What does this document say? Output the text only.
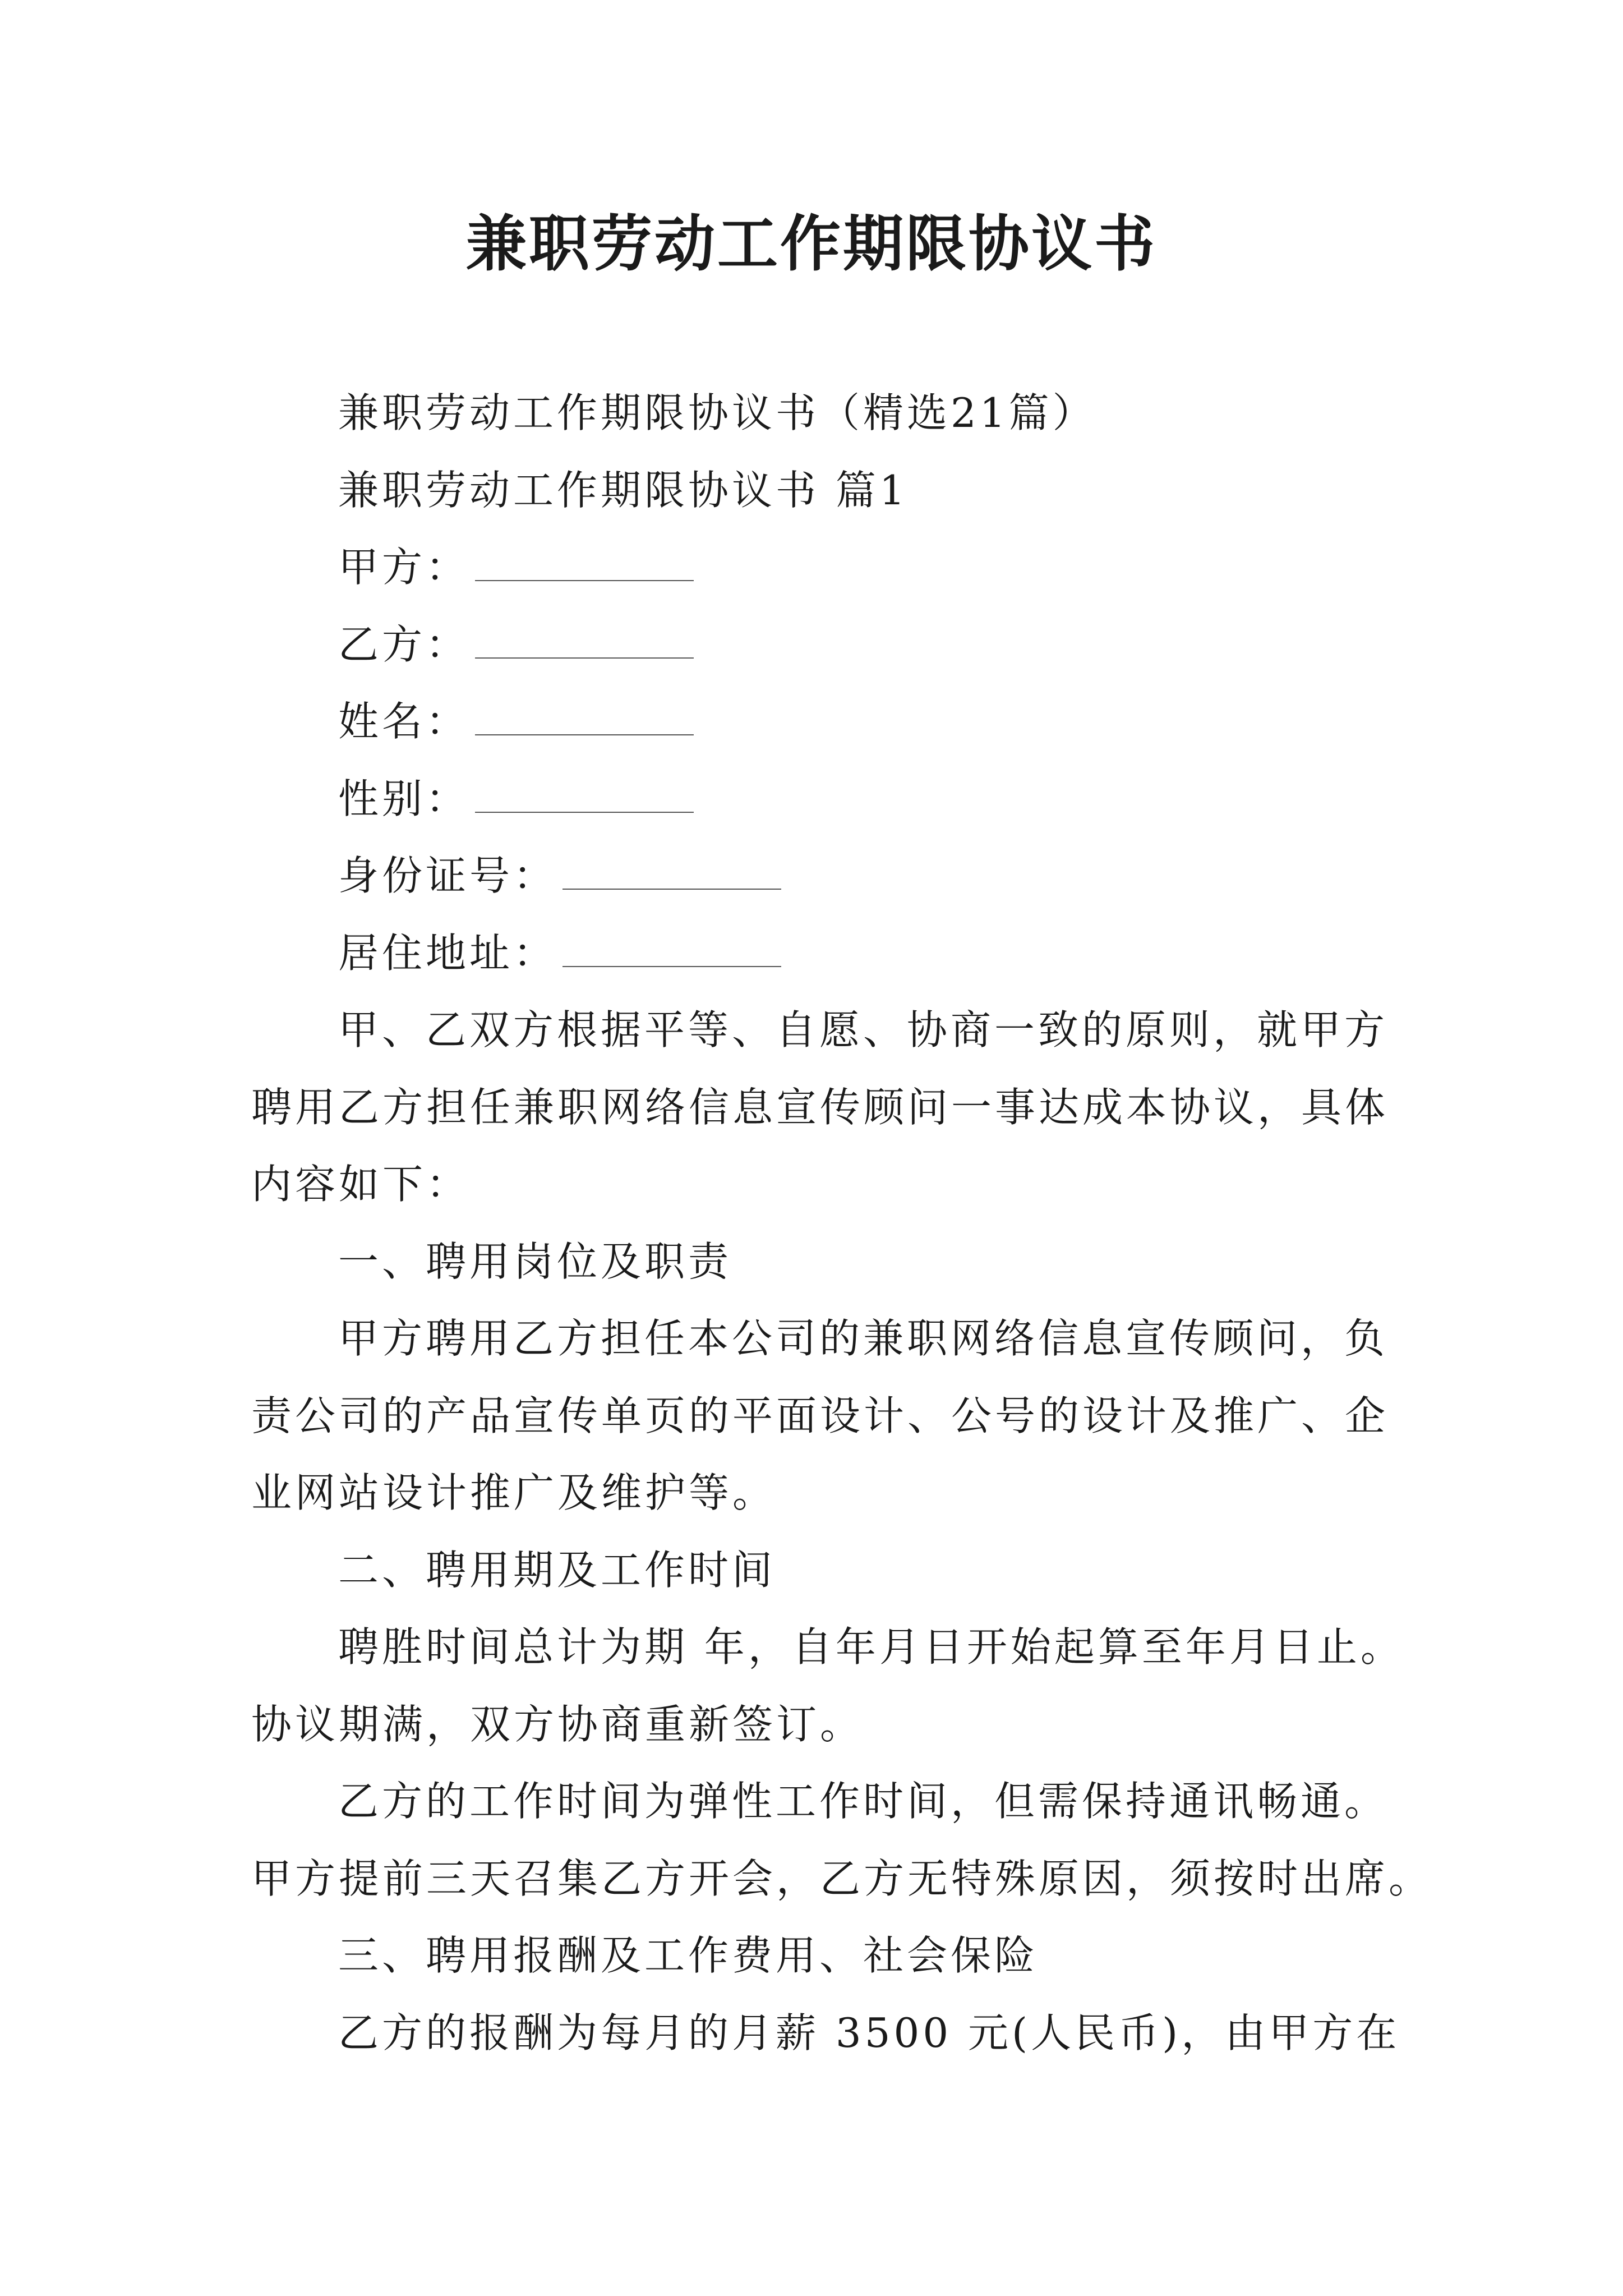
兼职劳动工作期限协议书
兼职劳动工作期限协议书（精选21篇）
兼职劳动工作期限协议书 篇1
甲方：
乙方：
姓名：
性别：
身份证号：
居住地址：
甲、乙双方根据平等、自愿、协商一致的原则，就甲方
聘用乙方担任兼职网络信息宣传顾问一事达成本协议，具体
内容如下：
一、聘用岗位及职责
甲方聘用乙方担任本公司的兼职网络信息宣传顾问，负
责公司的产品宣传单页的平面设计、公号的设计及推广、企
业网站设计推广及维护等。
二、聘用期及工作时间
聘胜时间总计为期 年，自年月日开始起算至年月日止。
协议期满，双方协商重新签订。
乙方的工作时间为弹性工作时间，但需保持通讯畅通。
甲方提前三天召集乙方开会，乙方无特殊原因，须按时出席。
三、聘用报酬及工作费用、社会保险
乙方的报酬为每月的月薪 3500 元(人民币)，由甲方在
